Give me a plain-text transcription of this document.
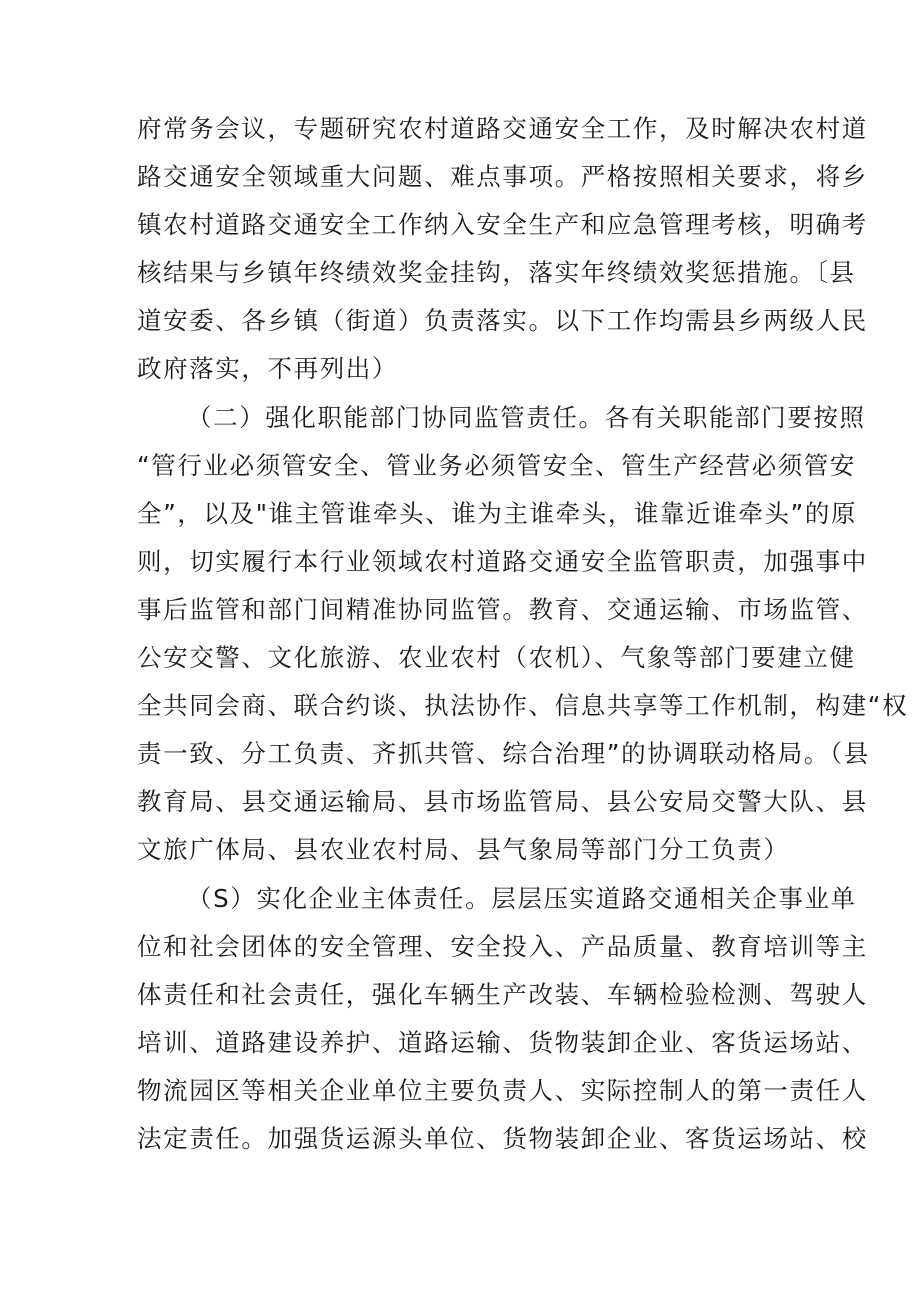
府常务会议，专题研究农村道路交通安全工作，及时解决农村道
路交通安全领域重大问题、难点事项。严格按照相关要求，将乡
镇农村道路交通安全工作纳入安全生产和应急管理考核，明确考
核结果与乡镇年终绩效奖金挂钩，落实年终绩效奖惩措施。〔县
道安委、各乡镇（街道）负责落实。以下工作均需县乡两级人民
政府落实，不再列出）
（二）强化职能部门协同监管责任。各有关职能部门要按照
“管行业必须管安全、管业务必须管安全、管生产经营必须管安
全”，以及"谁主管谁牵头、谁为主谁牵头，谁靠近谁牵头”的原
则，切实履行本行业领域农村道路交通安全监管职责，加强事中
事后监管和部门间精准协同监管。教育、交通运输、市场监管、
公安交警、文化旅游、农业农村（农机）、气象等部门要建立健
全共同会商、联合约谈、执法协作、信息共享等工作机制，构建“权
责一致、分工负责、齐抓共管、综合治理”的协调联动格局。（县
教育局、县交通运输局、县市场监管局、县公安局交警大队、县
文旅广体局、县农业农村局、县气象局等部门分工负责）
（S）实化企业主体责任。层层压实道路交通相关企事业单
位和社会团体的安全管理、安全投入、产品质量、教育培训等主
体责任和社会责任，强化车辆生产改装、车辆检验检测、驾驶人
培训、道路建设养护、道路运输、货物装卸企业、客货运场站、
物流园区等相关企业单位主要负责人、实际控制人的第一责任人
法定责任。加强货运源头单位、货物装卸企业、客货运场站、校
